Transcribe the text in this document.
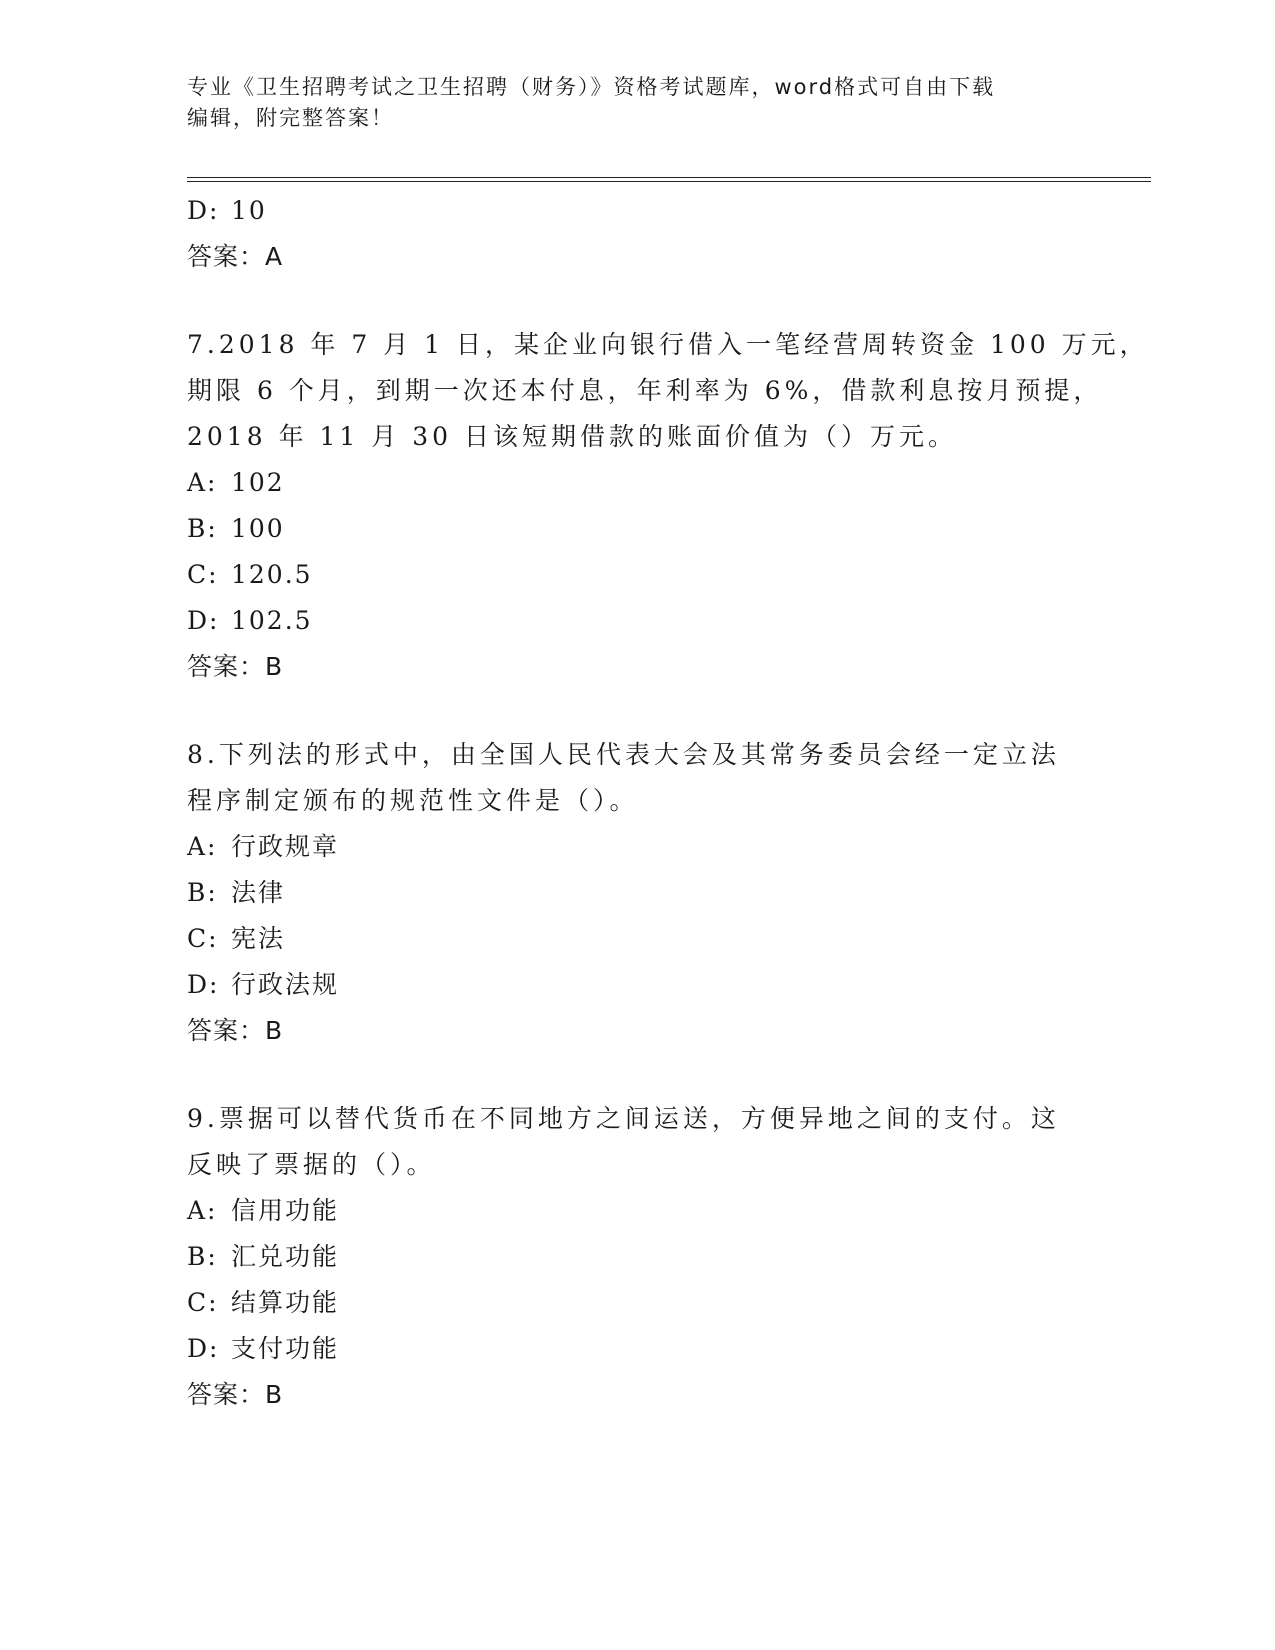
专业《卫生招聘考试之卫生招聘（财务）》资格考试题库，word格式可自由下载
编辑，附完整答案！
D: 10
答案：A
7.2018 年 7 月 1 日，某企业向银行借入一笔经营周转资金 100 万元，
期限 6 个月，到期一次还本付息，年利率为 6%，借款利息按月预提，
2018 年 11 月 30 日该短期借款的账面价值为（）万元。
A: 102
B: 100
C: 120.5
D: 102.5
答案：B
8.下列法的形式中，由全国人民代表大会及其常务委员会经一定立法
程序制定颁布的规范性文件是（）。
A: 行政规章
B: 法律
C: 宪法
D: 行政法规
答案：B
9.票据可以替代货币在不同地方之间运送，方便异地之间的支付。这
反映了票据的（）。
A: 信用功能
B: 汇兑功能
C: 结算功能
D: 支付功能
答案：B
